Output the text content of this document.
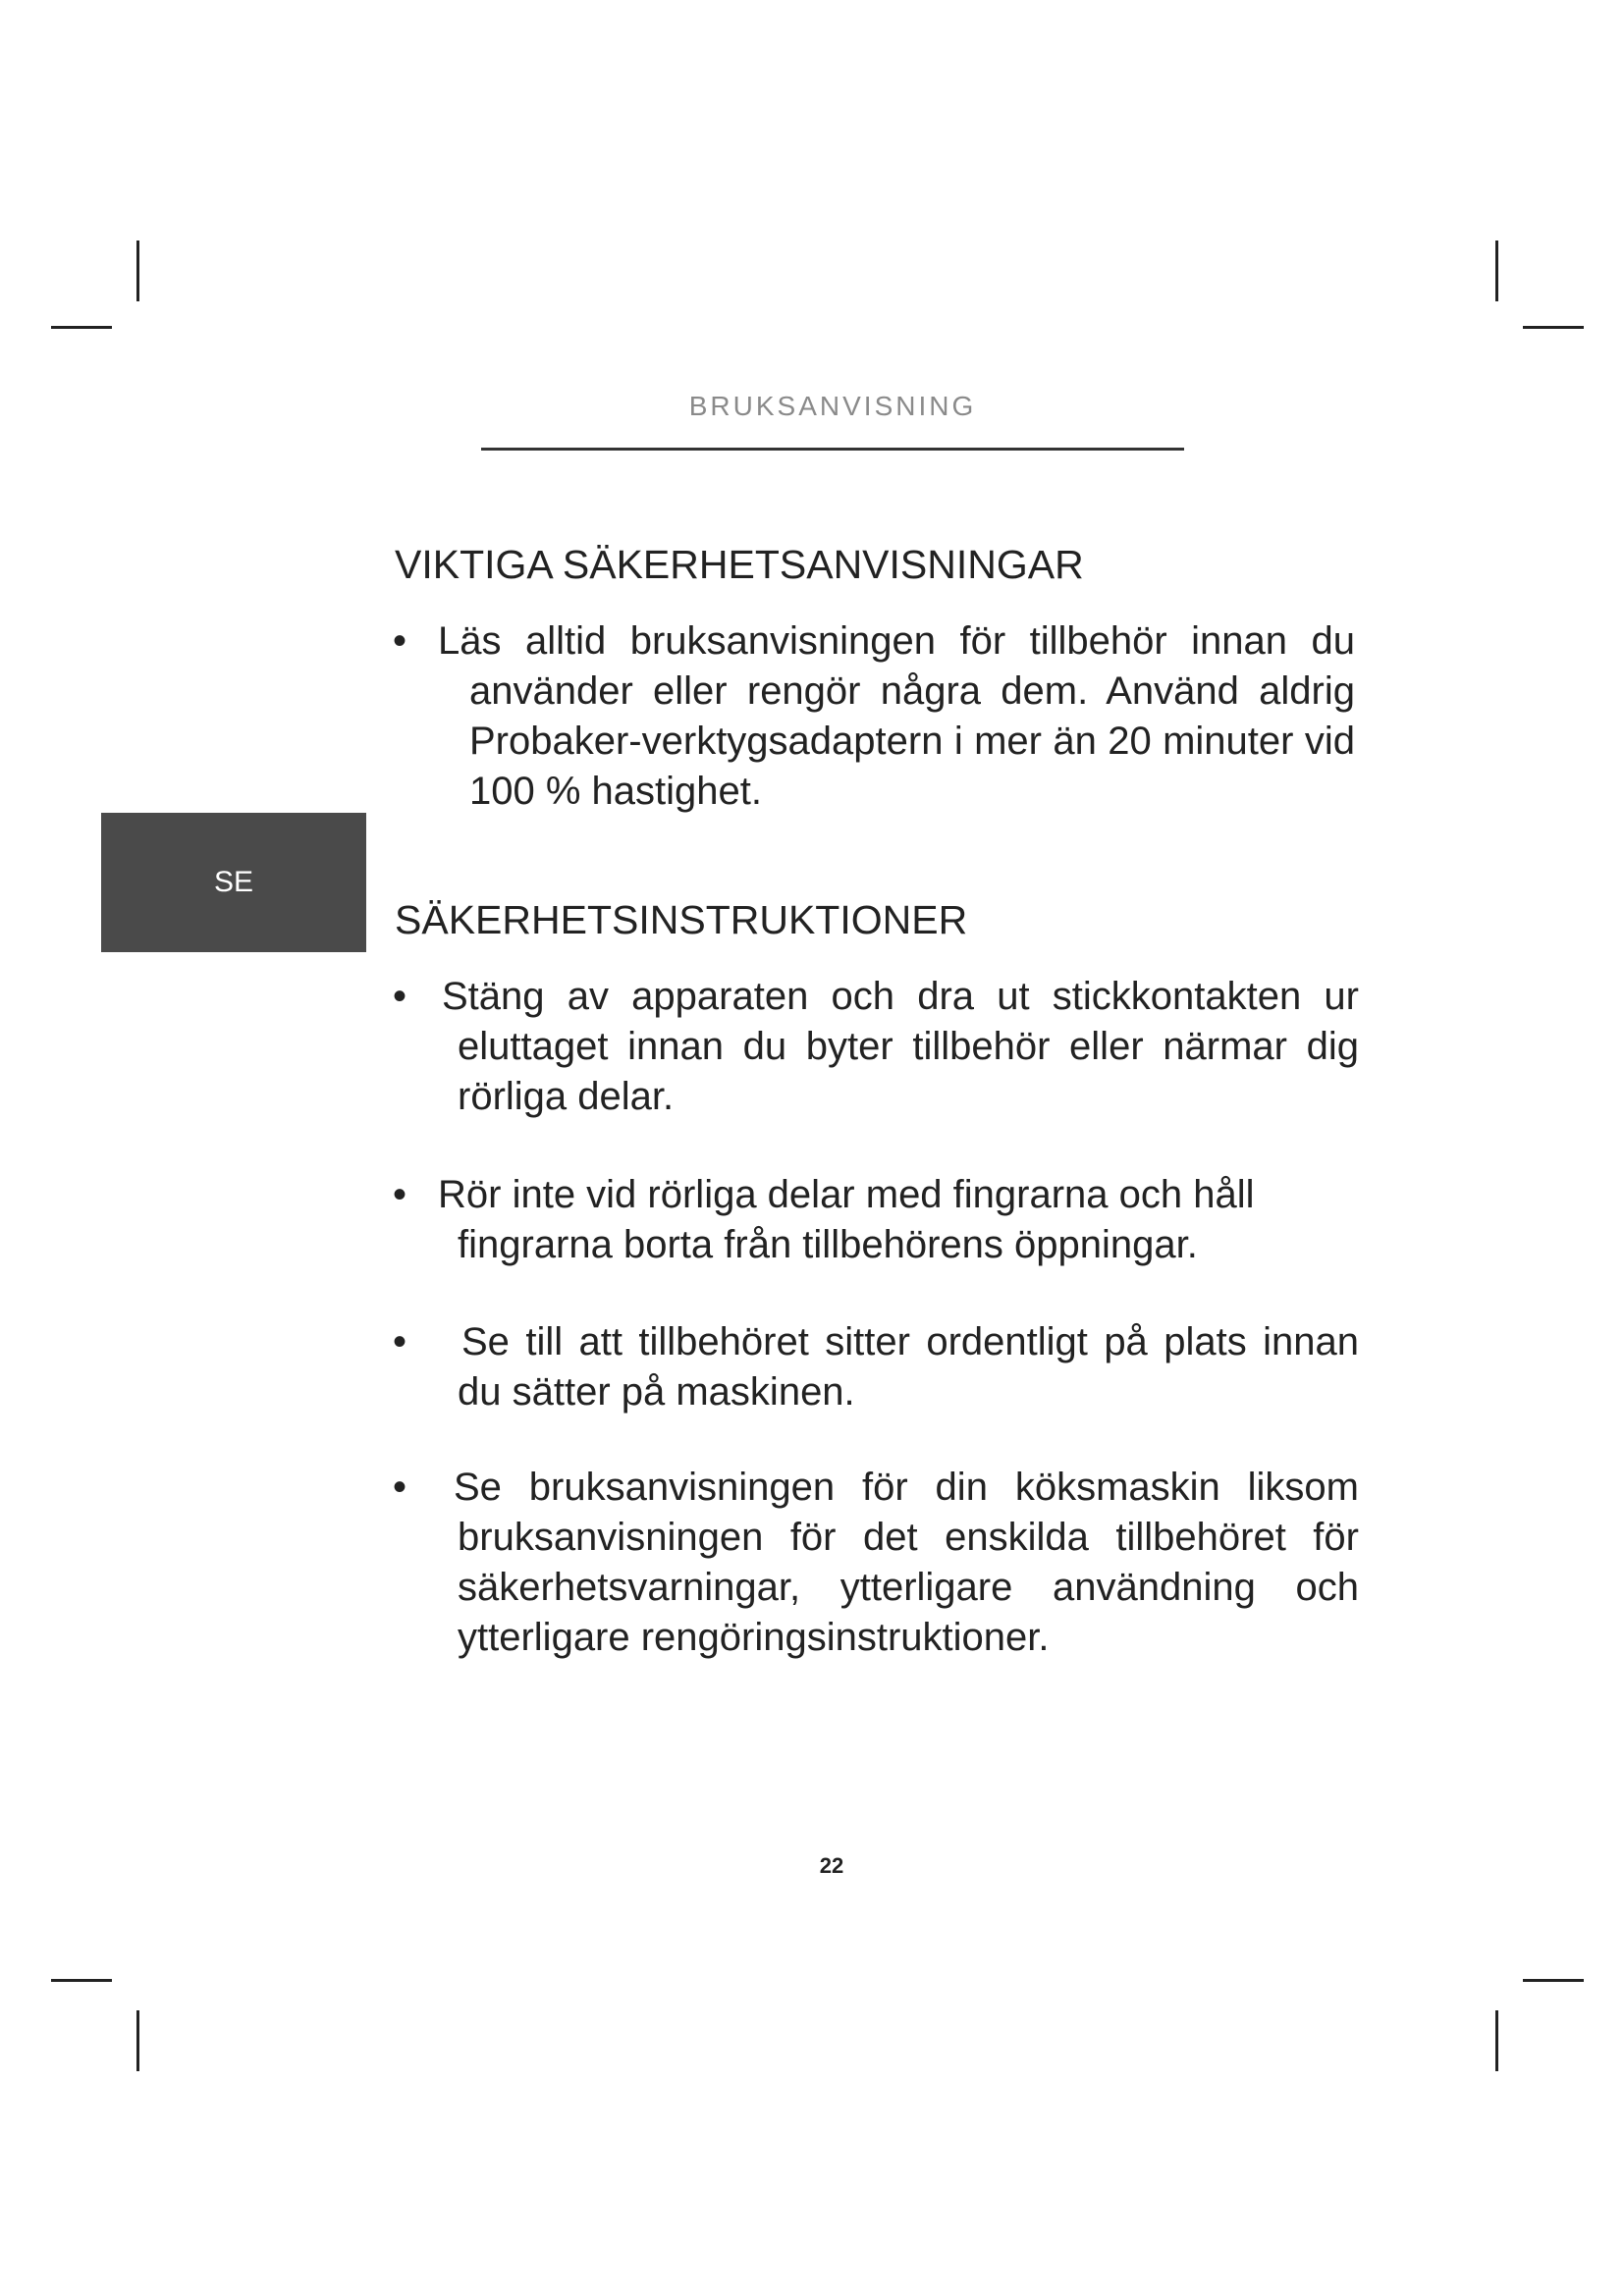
BRUKSANVISNING
SE
VIKTIGA SÄKERHETSANVISNINGAR
• Läs alltid bruksanvisningen för tillbehör innan du använder eller rengör några dem. Använd aldrig Probaker-verktygsadaptern i mer än 20 minuter vid 100 % hastighet.
SÄKERHETSINSTRUKTIONER
• Stäng av apparaten och dra ut stickkontakten ur eluttaget innan du byter tillbehör eller närmar dig rörliga delar.
• Rör inte vid rörliga delar med fingrarna och håll fingrarna borta från tillbehörens öppningar.
•	Se till att tillbehöret sitter ordentligt på plats innan du sätter på maskinen.
•	Se bruksanvisningen för din köksmaskin liksom bruksanvisningen för det enskilda tillbehöret för säkerhetsvarningar, ytterligare användning och ytterligare rengöringsinstruktioner.
22
